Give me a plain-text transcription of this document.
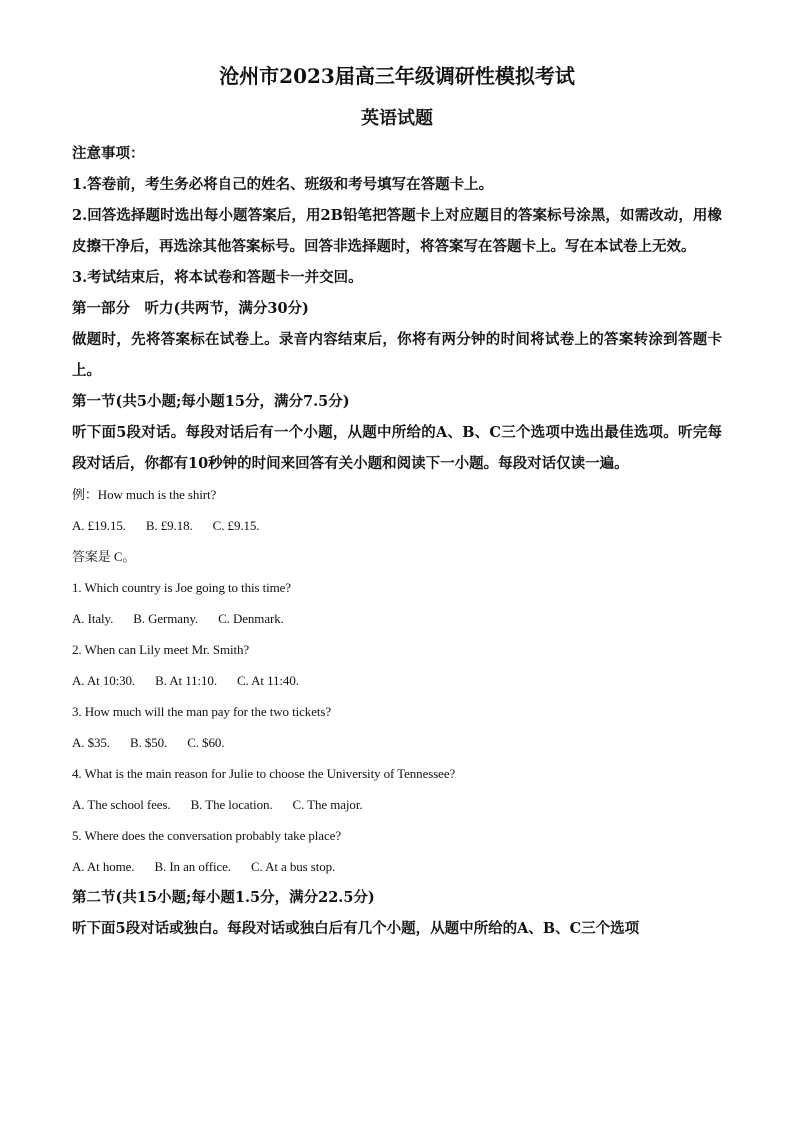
沧州市2023届高三年级调研性模拟考试
英语试题
注意事项：
1.答卷前，考生务必将自己的姓名、班级和考号填写在答题卡上。
2.回答选择题时选出每小题答案后，用2B铅笔把答题卡上对应题目的答案标号涂黑，如需改动，用橡皮擦干净后，再选涂其他答案标号。回答非选择题时，将答案写在答题卡上。写在本试卷上无效。
3.考试结束后，将本试卷和答题卡一并交回。
第一部分　听力(共两节，满分30分)
做题时，先将答案标在试卷上。录音内容结束后，你将有两分钟的时间将试卷上的答案转涂到答题卡上。
第一节(共5小题;每小题15分，满分7.5分)
听下面5段对话。每段对话后有一个小题，从题中所给的A、B、C三个选项中选出最佳选项。听完每段对话后，你都有10秒钟的时间来回答有关小题和阅读下一小题。每段对话仅读一遍。
例：How much is the shirt?
A. £19.15. B. £9.18. C. £9.15.
答案是 C。
1. Which country is Joe going to this time?
A. Italy. B. Germany. C. Denmark.
2. When can Lily meet Mr. Smith?
A. At 10:30. B. At 11:10. C. At 11:40.
3. How much will the man pay for the two tickets?
A. $35. B. $50. C. $60.
4. What is the main reason for Julie to choose the University of Tennessee?
A. The school fees. B. The location. C. The major.
5. Where does the conversation probably take place?
A. At home. B. In an office. C. At a bus stop.
第二节(共15小题;每小题1.5分，满分22.5分)
听下面5段对话或独白。每段对话或独白后有几个小题，从题中所给的A、B、C三个选项
